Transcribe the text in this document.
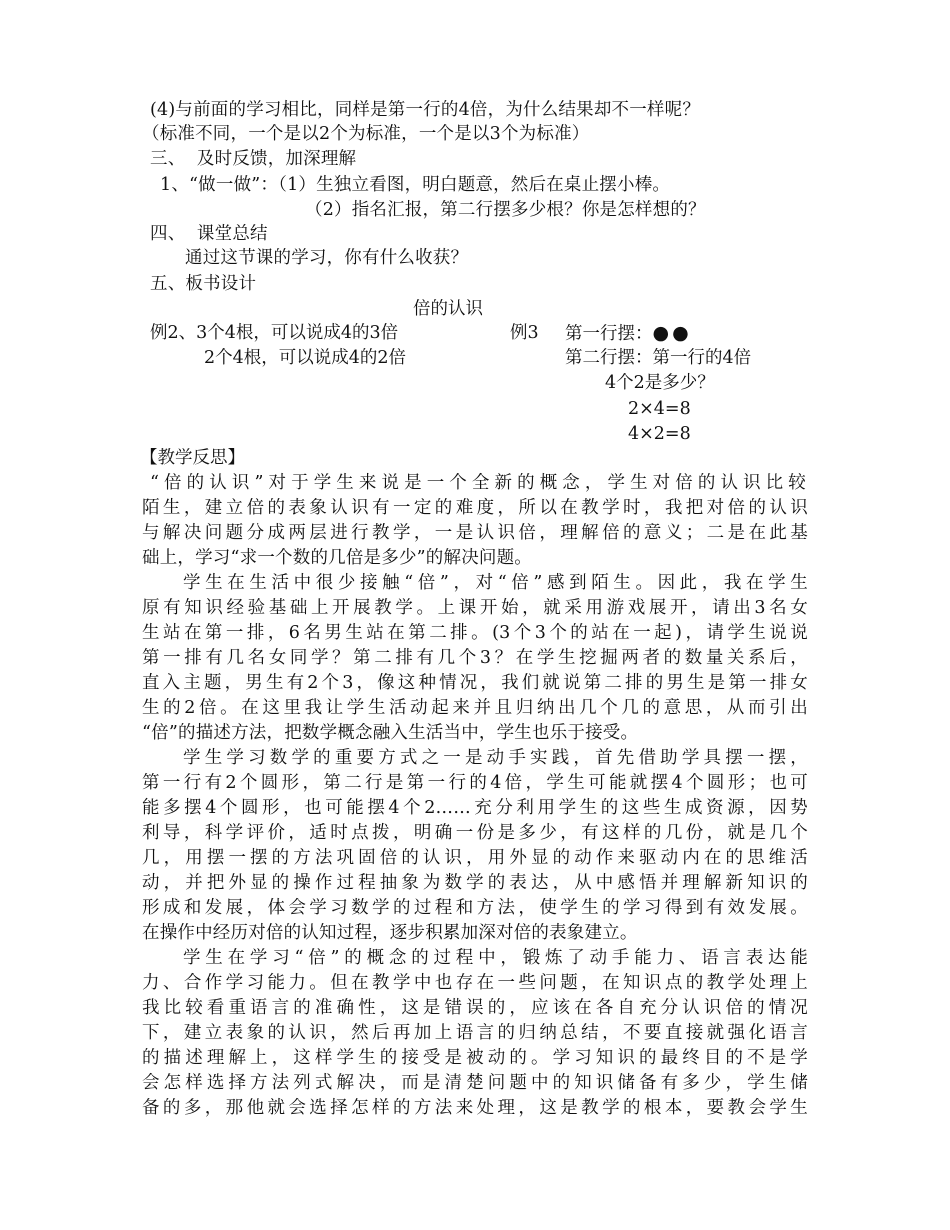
(4)与前面的学习相比，同样是第一行的4倍，为什么结果却不一样呢？
（标准不同，一个是以2个为标准，一个是以3个为标准）
三、  及时反馈，加深理解
1、“做一做”：（1）生独立看图，明白题意，然后在桌止摆小棒。
（2）指名汇报，第二行摆多少根？你是怎样想的？
四、  课堂总结
通过这节课的学习，你有什么收获？
五、板书设计
倍的认识
例2、3个4根，可以说成4的3倍
2个4根，可以说成4的2倍
例3 第一行摆：●●
第二行摆：第一行的4倍
4个2是多少？
2×4=8
4×2=8
【教学反思】
“倍的认识”对于学生来说是一个全新的概念，学生对倍的认识比较
陌生，建立倍的表象认识有一定的难度，所以在教学时，我把对倍的认识
与解决问题分成两层进行教学，一是认识倍，理解倍的意义；二是在此基
础上，学习“求一个数的几倍是多少”的解决问题。
学生在生活中很少接触“倍”，对“倍”感到陌生。因此，我在学生
原有知识经验基础上开展教学。上课开始，就采用游戏展开，请出3名女
生站在第一排，6名男生站在第二排。(3个3个的站在一起)，请学生说说
第一排有几名女同学？第二排有几个3？在学生挖掘两者的数量关系后，
直入主题，男生有2个3，像这种情况，我们就说第二排的男生是第一排女
生的2倍。在这里我让学生活动起来并且归纳出几个几的意思，从而引出
“倍”的描述方法，把数学概念融入生活当中，学生也乐于接受。
学生学习数学的重要方式之一是动手实践，首先借助学具摆一摆，
第一行有2个圆形，第二行是第一行的4倍，学生可能就摆4个圆形；也可
能多摆4个圆形，也可能摆4个2……充分利用学生的这些生成资源，因势
利导，科学评价，适时点拨，明确一份是多少，有这样的几份，就是几个
几，用摆一摆的方法巩固倍的认识，用外显的动作来驱动内在的思维活
动，并把外显的操作过程抽象为数学的表达，从中感悟并理解新知识的
形成和发展，体会学习数学的过程和方法，使学生的学习得到有效发展。
在操作中经历对倍的认知过程，逐步积累加深对倍的表象建立。
学生在学习“倍”的概念的过程中，锻炼了动手能力、语言表达能
力、合作学习能力。但在教学中也存在一些问题，在知识点的教学处理上
我比较看重语言的准确性，这是错误的，应该在各自充分认识倍的情况
下，建立表象的认识，然后再加上语言的归纳总结，不要直接就强化语言
的描述理解上，这样学生的接受是被动的。学习知识的最终目的不是学
会怎样选择方法列式解决，而是清楚问题中的知识储备有多少，学生储
备的多，那他就会选择怎样的方法来处理，这是教学的根本，要教会学生
